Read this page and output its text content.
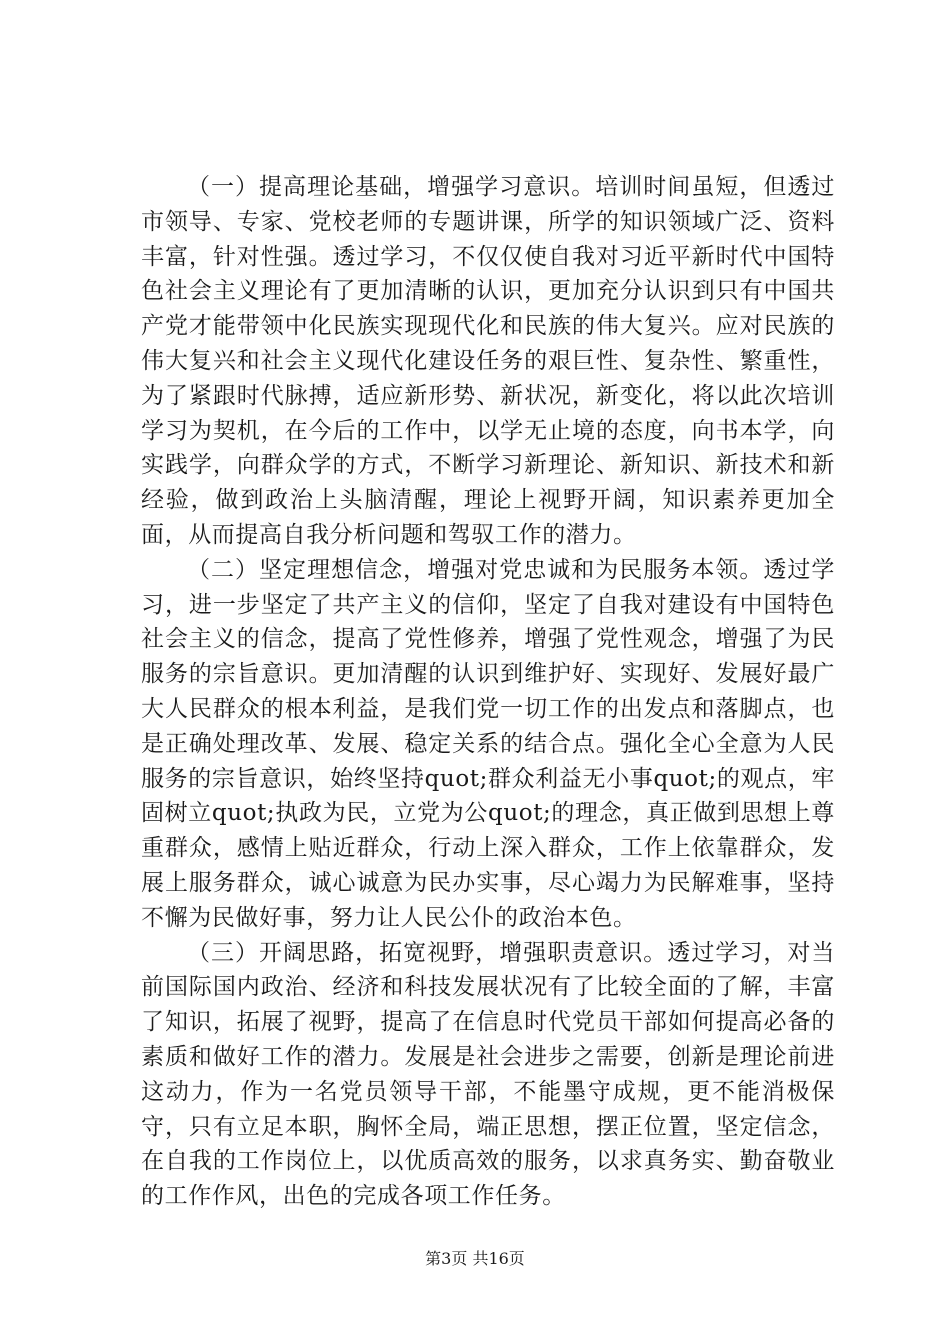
（一）提高理论基础，增强学习意识。培训时间虽短，但透过市领导、专家、党校老师的专题讲课，所学的知识领域广泛、资料丰富，针对性强。透过学习，不仅仅使自我对习近平新时代中国特色社会主义理论有了更加清晰的认识，更加充分认识到只有中国共产党才能带领中化民族实现现代化和民族的伟大复兴。应对民族的伟大复兴和社会主义现代化建设任务的艰巨性、复杂性、繁重性，为了紧跟时代脉搏，适应新形势、新状况，新变化，将以此次培训学习为契机，在今后的工作中，以学无止境的态度，向书本学，向实践学，向群众学的方式，不断学习新理论、新知识、新技术和新经验，做到政治上头脑清醒，理论上视野开阔，知识素养更加全面，从而提高自我分析问题和驾驭工作的潜力。

（二）坚定理想信念，增强对党忠诚和为民服务本领。透过学习，进一步坚定了共产主义的信仰，坚定了自我对建设有中国特色社会主义的信念，提高了党性修养，增强了党性观念，增强了为民服务的宗旨意识。更加清醒的认识到维护好、实现好、发展好最广大人民群众的根本利益，是我们党一切工作的出发点和落脚点，也是正确处理改革、发展、稳定关系的结合点。强化全心全意为人民服务的宗旨意识，始终坚持quot;群众利益无小事quot;的观点，牢固树立quot;执政为民，立党为公quot;的理念，真正做到思想上尊重群众，感情上贴近群众，行动上深入群众，工作上依靠群众，发展上服务群众，诚心诚意为民办实事，尽心竭力为民解难事，坚持不懈为民做好事，努力让人民公仆的政治本色。

（三）开阔思路，拓宽视野，增强职责意识。透过学习，对当前国际国内政治、经济和科技发展状况有了比较全面的了解，丰富了知识，拓展了视野，提高了在信息时代党员干部如何提高必备的素质和做好工作的潜力。发展是社会进步之需要，创新是理论前进这动力，作为一名党员领导干部，不能墨守成规，更不能消极保守，只有立足本职，胸怀全局，端正思想，摆正位置，坚定信念，在自我的工作岗位上，以优质高效的服务，以求真务实、勤奋敬业的工作作风，出色的完成各项工作任务。

第3页 共16页
